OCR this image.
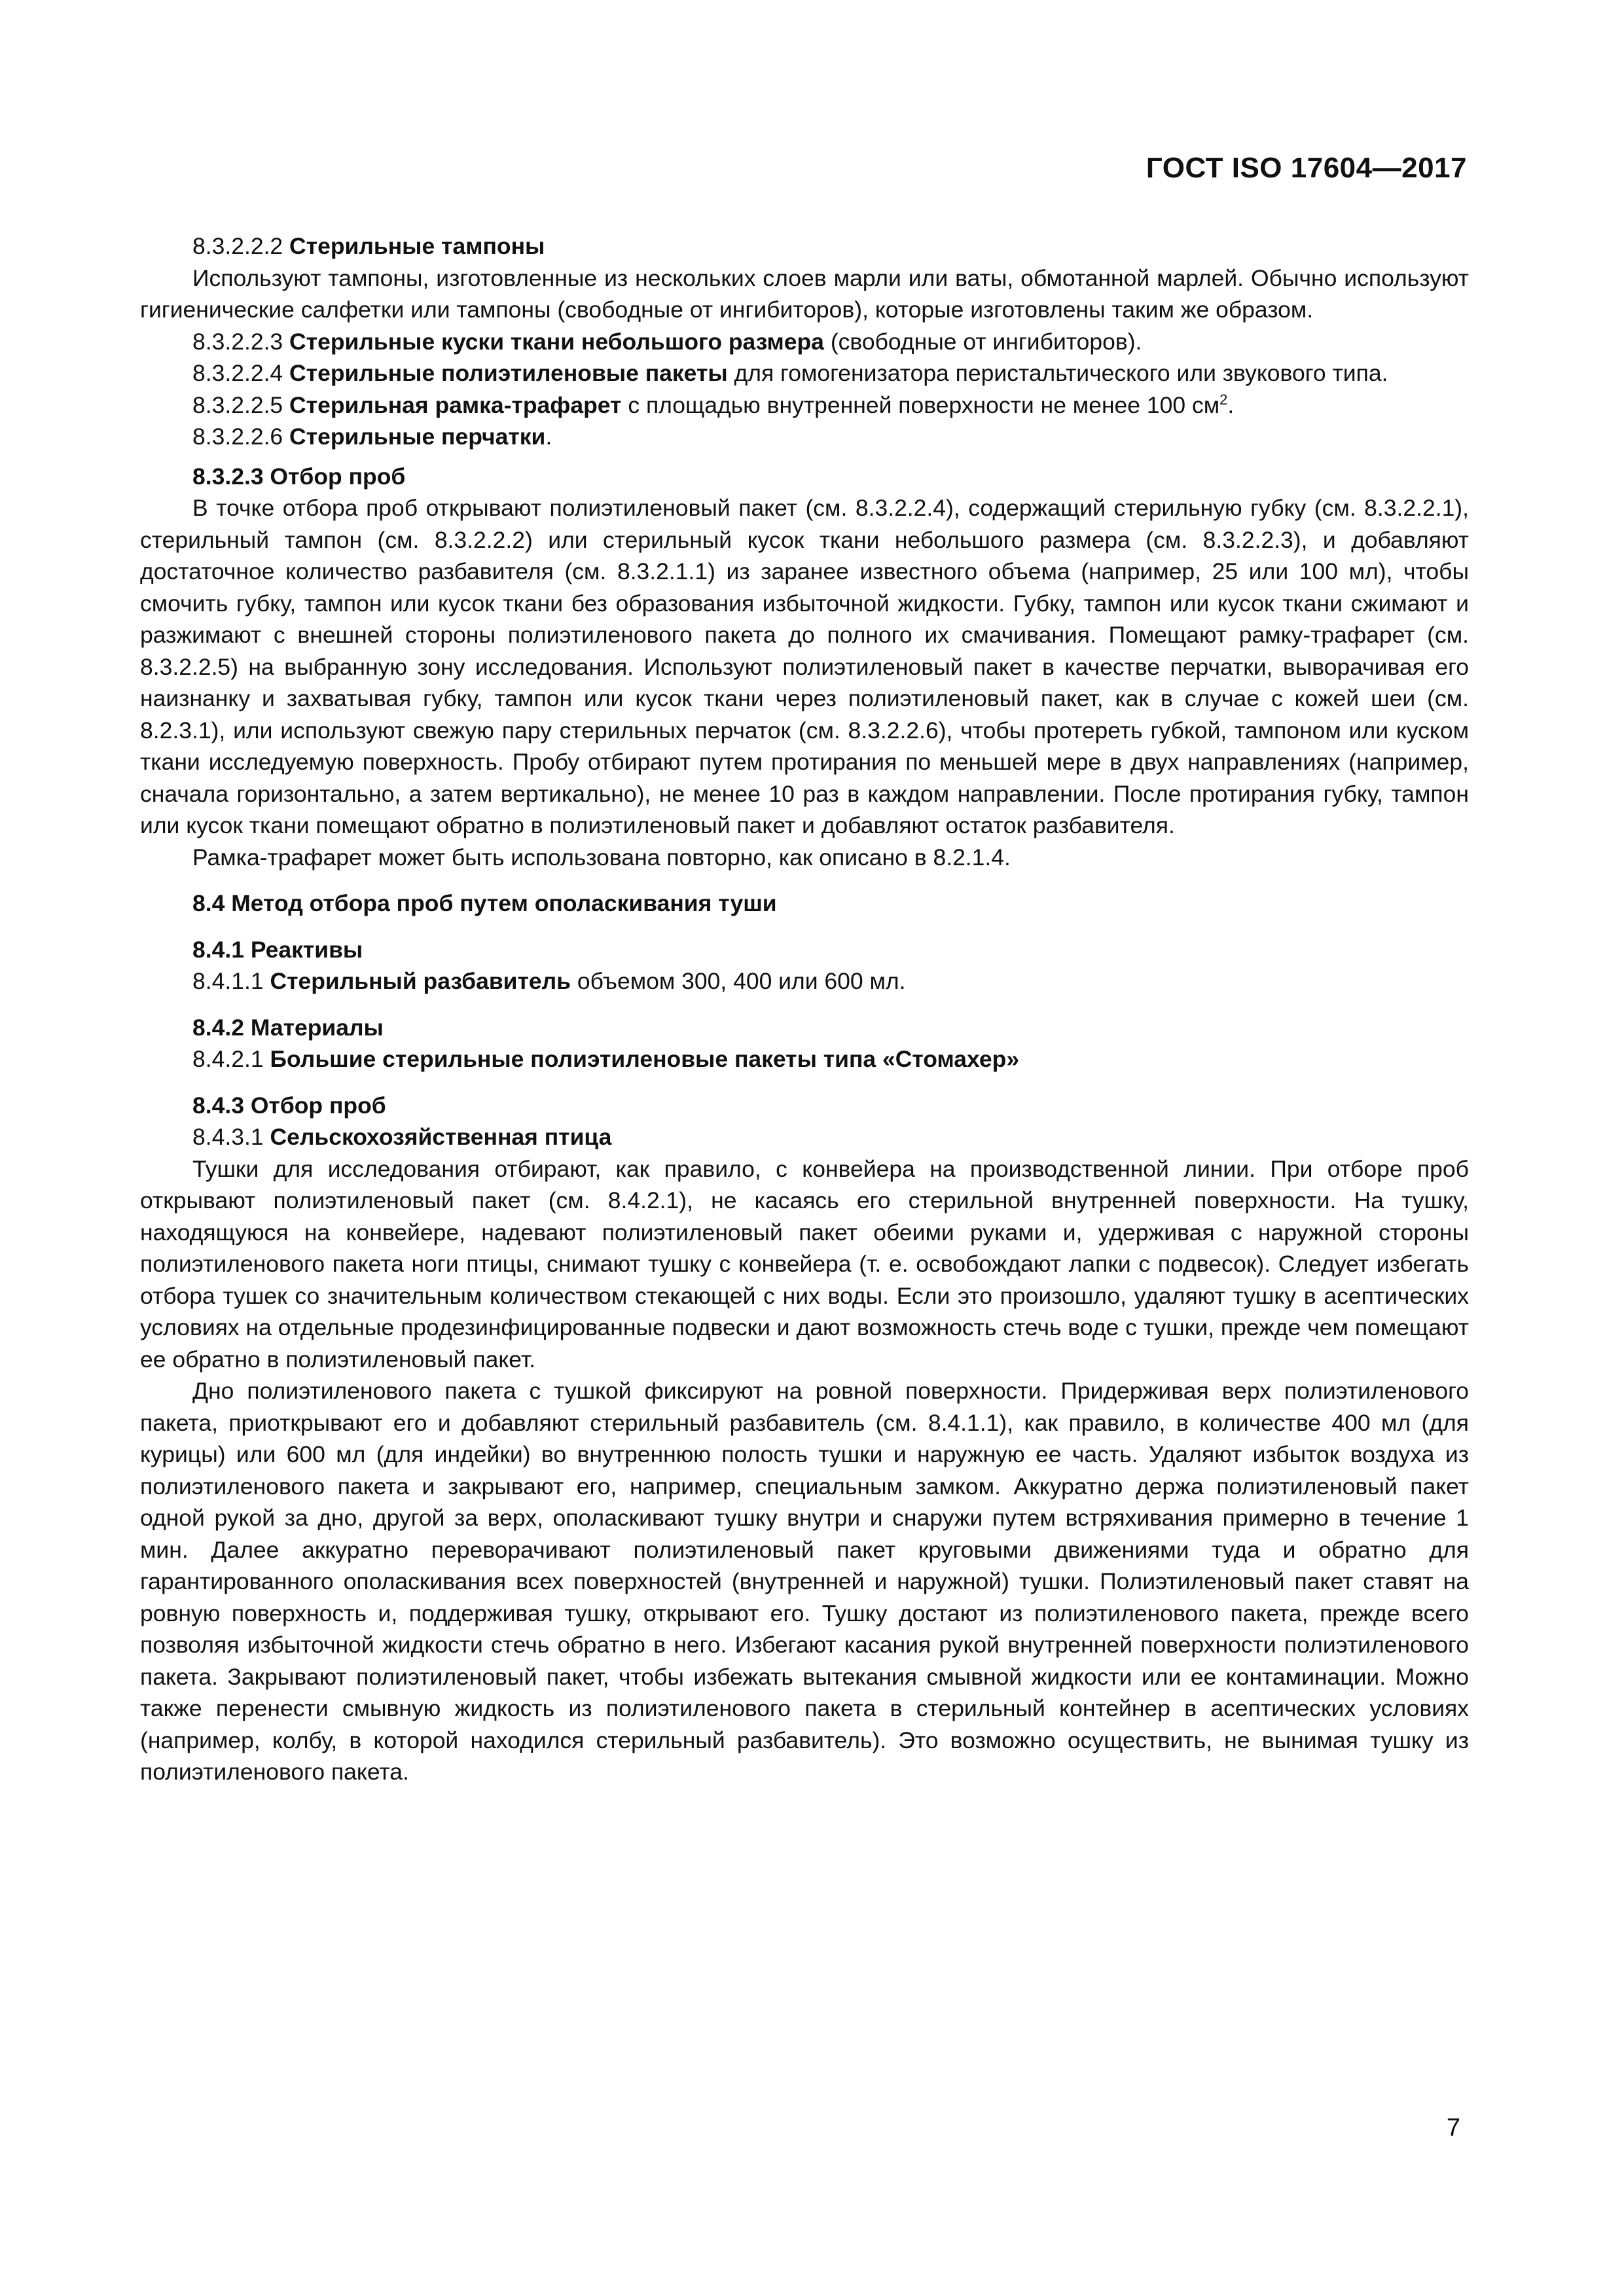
ГОСТ ISO 17604—2017

8.3.2.2.2 Стерильные тампоны

Используют тампоны, изготовленные из нескольких слоев марли или ваты, обмотанной марлей. Обычно используют гигиенические салфетки или тампоны (свободные от ингибиторов), которые изготовлены таким же образом.

8.3.2.2.3 Стерильные куски ткани небольшого размера (свободные от ингибиторов).

8.3.2.2.4 Стерильные полиэтиленовые пакеты для гомогенизатора перистальтического или звукового типа.

8.3.2.2.5 Стерильная рамка-трафарет с площадью внутренней поверхности не менее 100 $см^2$.

8.3.2.2.6 Стерильные перчатки.

8.3.2.3 Отбор проб

В точке отбора проб открывают полиэтиленовый пакет (см. 8.3.2.2.4), содержащий стерильную губку (см. 8.3.2.2.1), стерильный тампон (см. 8.3.2.2.2) или стерильный кусок ткани небольшого размера (см. 8.3.2.2.3), и добавляют достаточное количество разбавителя (см. 8.3.2.1.1) из заранее известного объема (например, 25 или 100 мл), чтобы смочить губку, тампон или кусок ткани без образования избыточной жидкости. Губку, тампон или кусок ткани сжимают и разжимают с внешней стороны полиэтиленового пакета до полного их смачивания. Помещают рамку-трафарет (см. 8.3.2.2.5) на выбранную зону исследования. Используют полиэтиленовый пакет в качестве перчатки, выворачивая его наизнанку и захватывая губку, тампон или кусок ткани через полиэтиленовый пакет, как в случае с кожей шеи (см. 8.2.3.1), или используют свежую пару стерильных перчаток (см. 8.3.2.2.6), чтобы протереть губкой, тампоном или куском ткани исследуемую поверхность. Пробу отбирают путем протирания по меньшей мере в двух направлениях (например, сначала горизонтально, а затем вертикально), не менее 10 раз в каждом направлении. После протирания губку, тампон или кусок ткани помещают обратно в полиэтиленовый пакет и добавляют остаток разбавителя.

Рамка-трафарет может быть использована повторно, как описано в 8.2.1.4.

8.4 Метод отбора проб путем ополаскивания туши

8.4.1 Реактивы

8.4.1.1 Стерильный разбавитель объемом 300, 400 или 600 мл.

8.4.2 Материалы

8.4.2.1 Большие стерильные полиэтиленовые пакеты типа «Стомахер»

8.4.3 Отбор проб

8.4.3.1 Сельскохозяйственная птица

Тушки для исследования отбирают, как правило, с конвейера на производственной линии. При отборе проб открывают полиэтиленовый пакет (см. 8.4.2.1), не касаясь его стерильной внутренней поверхности. На тушку, находящуюся на конвейере, надевают полиэтиленовый пакет обеими руками и, удерживая с наружной стороны полиэтиленового пакета ноги птицы, снимают тушку с конвейера (т. е. освобождают лапки с подвесок). Следует избегать отбора тушек со значительным количеством стекающей с них воды. Если это произошло, удаляют тушку в асептических условиях на отдельные продезинфицированные подвески и дают возможность стечь воде с тушки, прежде чем помещают ее обратно в полиэтиленовый пакет.

Дно полиэтиленового пакета с тушкой фиксируют на ровной поверхности. Придерживая верх полиэтиленового пакета, приоткрывают его и добавляют стерильный разбавитель (см. 8.4.1.1), как правило, в количестве 400 мл (для курицы) или 600 мл (для индейки) во внутреннюю полость тушки и наружную ее часть. Удаляют избыток воздуха из полиэтиленового пакета и закрывают его, например, специальным замком. Аккуратно держа полиэтиленовый пакет одной рукой за дно, другой за верх, ополаскивают тушку внутри и снаружи путем встряхивания примерно в течение 1 мин. Далее аккуратно переворачивают полиэтиленовый пакет круговыми движениями туда и обратно для гарантированного ополаскивания всех поверхностей (внутренней и наружной) тушки. Полиэтиленовый пакет ставят на ровную поверхность и, поддерживая тушку, открывают его. Тушку достают из полиэтиленового пакета, прежде всего позволяя избыточной жидкости стечь обратно в него. Избегают касания рукой внутренней поверхности полиэтиленового пакета. Закрывают полиэтиленовый пакет, чтобы избежать вытекания смывной жидкости или ее контаминации. Можно также перенести смывную жидкость из полиэтиленового пакета в стерильный контейнер в асептических условиях (например, колбу, в которой находился стерильный разбавитель). Это возможно осуществить, не вынимая тушку из полиэтиленового пакета.

7
